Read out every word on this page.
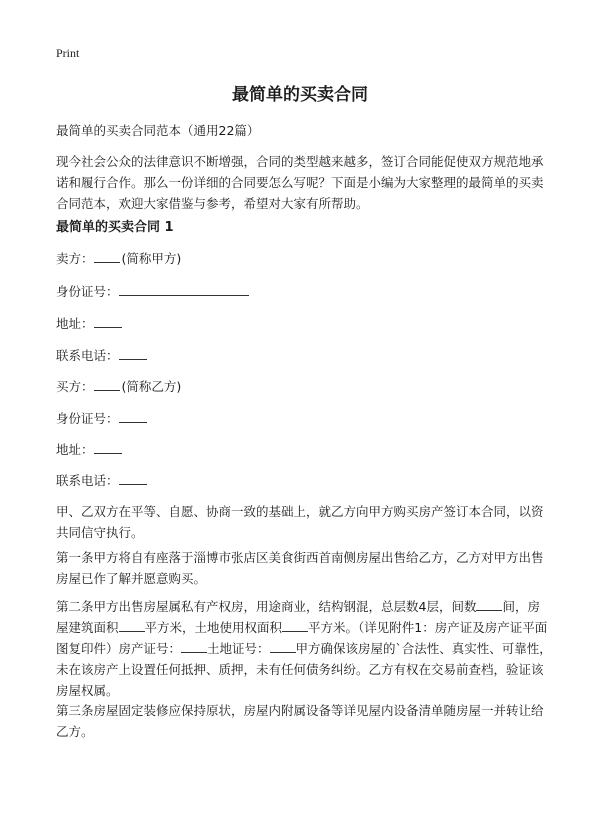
Print
最简单的买卖合同
最简单的买卖合同范本（通用22篇）

现今社会公众的法律意识不断增强，合同的类型越来越多，签订合同能促使双方规范地承诺和履行合作。那么一份详细的合同要怎么写呢？下面是小编为大家整理的最简单的买卖合同范本，欢迎大家借鉴与参考，希望对大家有所帮助。

最简单的买卖合同 1
卖方： (简称甲方)
身份证号：
地址：
联系电话：
买方： (简称乙方)
身份证号：
地址：
联系电话：

甲、乙双方在平等、自愿、协商一致的基础上，就乙方向甲方购买房产签订本合同，以资共同信守执行。

第一条甲方将自有座落于淄博市张店区美食街西首南侧房屋出售给乙方，乙方对甲方出售房屋已作了解并愿意购买。

第二条甲方出售房屋属私有产权房，用途商业，结构钢混，总层数4层，间数 间，房屋建筑面积 平方米，土地使用权面积 平方米。（详见附件1：房产证及房产证平面图复印件）房产证号： 土地证号： 甲方确保该房屋的`合法性、真实性、可靠性，未在该房产上设置任何抵押、质押，未有任何债务纠纷。乙方有权在交易前查档，验证该房屋权属。

第三条房屋固定装修应保持原状，房屋内附属设备等详见屋内设备清单随房屋一并转让给乙方。
